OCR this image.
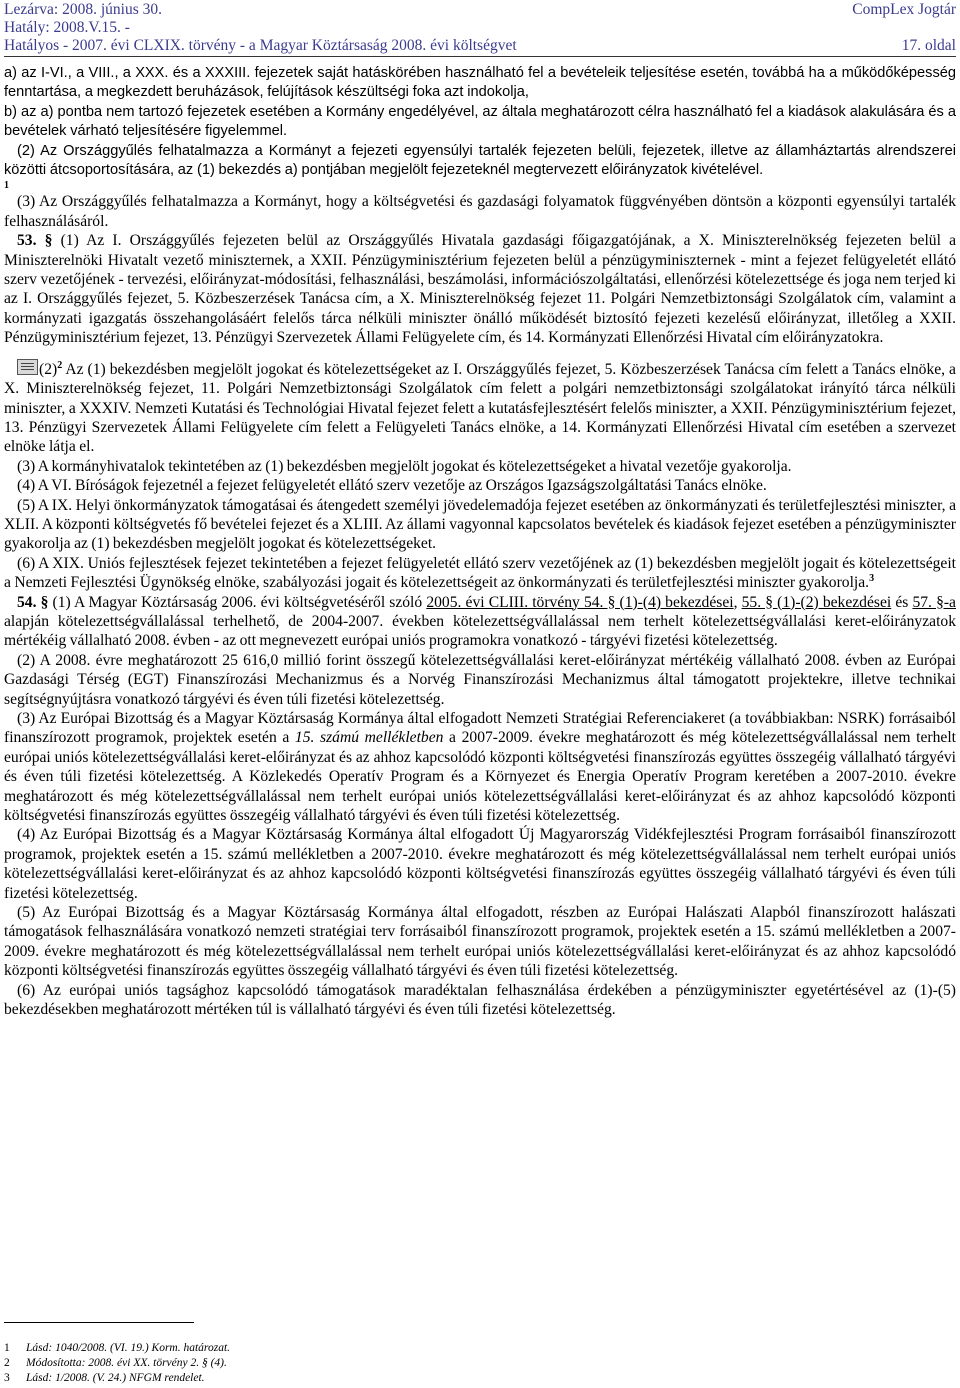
Lezárva: 2008. június 30.	CompLex Jogtár
Hatály: 2008.V.15. -
Hatályos - 2007. évi CLXIX. törvény - a Magyar Köztársaság 2008. évi költségvet	17. oldal

a) az I-VI., a VIII., a XXX. és a XXXIII. fejezetek saját hatáskörében használható fel a bevételeik teljesítése esetén, továbbá ha a működőképesség fenntartása, a megkezdett beruházások, felújítások készültségi foka azt indokolja,

b) az a) pontba nem tartozó fejezetek esetében a Kormány engedélyével, az általa meghatározott célra használható fel a kiadások alakulására és a bevételek várható teljesítésére figyelemmel.

(2) Az Országgyűlés felhatalmazza a Kormányt a fejezeti egyensúlyi tartalék fejezeten belüli, fejezetek, illetve az államháztartás alrendszerei közötti átcsoportosítására, az (1) bekezdés a) pontjában megjelölt fejezeteknél megtervezett előirányzatok kivételével.

1

(3) Az Országgyűlés felhatalmazza a Kormányt, hogy a költségvetési és gazdasági folyamatok függvényében döntsön a központi egyensúlyi tartalék felhasználásáról.

53. § (1) Az I. Országgyűlés fejezeten belül az Országgyűlés Hivatala gazdasági főigazgatójának, a X. Miniszterelnökség fejezeten belül a Miniszterelnöki Hivatalt vezető miniszternek, a XXII. Pénzügyminisztérium fejezeten belül a pénzügyminiszternek - mint a fejezet felügyeletét ellátó szerv vezetőjének - tervezési, előirányzat-módosítási, felhasználási, beszámolási, információszolgáltatási, ellenőrzési kötelezettsége és joga nem terjed ki az I. Országgyűlés fejezet, 5. Közbeszerzések Tanácsa cím, a X. Miniszterelnökség fejezet 11. Polgári Nemzetbiztonsági Szolgálatok cím, valamint a kormányzati igazgatás összehangolásáért felelős tárca nélküli miniszter önálló működését biztosító fejezeti kezelésű előirányzat, illetőleg a XXII. Pénzügyminisztérium fejezet, 13. Pénzügyi Szervezetek Állami Felügyelete cím, és 14. Kormányzati Ellenőrzési Hivatal cím előirányzatokra.

$(2)^2$ Az (1) bekezdésben megjelölt jogokat és kötelezettségeket az I. Országgyűlés fejezet, 5. Közbeszerzések Tanácsa cím felett a Tanács elnöke, a X. Miniszterelnökség fejezet, 11. Polgári Nemzetbiztonsági Szolgálatok cím felett a polgári nemzetbiztonsági szolgálatokat irányító tárca nélküli miniszter, a XXXIV. Nemzeti Kutatási és Technológiai Hivatal fejezet felett a kutatásfejlesztésért felelős miniszter, a XXII. Pénzügyminisztérium fejezet, 13. Pénzügyi Szervezetek Állami Felügyelete cím felett a Felügyeleti Tanács elnöke, a 14. Kormányzati Ellenőrzési Hivatal cím esetében a szervezet elnöke látja el.

(3) A kormányhivatalok tekintetében az (1) bekezdésben megjelölt jogokat és kötelezettségeket a hivatal vezetője gyakorolja.

(4) A VI. Bíróságok fejezetnél a fejezet felügyeletét ellátó szerv vezetője az Országos Igazságszolgáltatási Tanács elnöke.

(5) A IX. Helyi önkormányzatok támogatásai és átengedett személyi jövedelemadója fejezet esetében az önkormányzati és területfejlesztési miniszter, a XLII. A központi költségvetés fő bevételei fejezet és a XLIII. Az állami vagyonnal kapcsolatos bevételek és kiadások fejezet esetében a pénzügyminiszter gyakorolja az (1) bekezdésben megjelölt jogokat és kötelezettségeket.

(6) A XIX. Uniós fejlesztések fejezet tekintetében a fejezet felügyeletét ellátó szerv vezetőjének az (1) bekezdésben megjelölt jogait és kötelezettségeit a Nemzeti Fejlesztési Ügynökség elnöke, szabályozási jogait és kötelezettségeit az önkormányzati és területfejlesztési miniszter gyakorolja.$^3$

54. § (1) A Magyar Köztársaság 2006. évi költségvetéséről szóló 2005. évi CLIII. törvény 54. § (1)-(4) bekezdései, 55. § (1)-(2) bekezdései és 57. §-a alapján kötelezettségvállalással terhelhető, de 2004-2007. években kötelezettségvállalással nem terhelt kötelezettségvállalási keret-előirányzatok mértékéig vállalható 2008. évben - az ott megnevezett európai uniós programokra vonatkozó - tárgyévi fizetési kötelezettség.

(2) A 2008. évre meghatározott 25 616,0 millió forint összegű kötelezettségvállalási keret-előirányzat mértékéig vállalható 2008. évben az Európai Gazdasági Térség (EGT) Finanszírozási Mechanizmus és a Norvég Finanszírozási Mechanizmus által támogatott projektekre, illetve technikai segítségnyújtásra vonatkozó tárgyévi és éven túli fizetési kötelezettség.

(3) Az Európai Bizottság és a Magyar Köztársaság Kormánya által elfogadott Nemzeti Stratégiai Referenciakeret (a továbbiakban: NSRK) forrásaiból finanszírozott programok, projektek esetén a 15. számú mellékletben a 2007-2009. évekre meghatározott és még kötelezettségvállalással nem terhelt európai uniós kötelezettségvállalási keret-előirányzat és az ahhoz kapcsolódó központi költségvetési finanszírozás együttes összegéig vállalható tárgyévi és éven túli fizetési kötelezettség. A Közlekedés Operatív Program és a Környezet és Energia Operatív Program keretében a 2007-2010. évekre meghatározott és még kötelezettségvállalással nem terhelt európai uniós kötelezettségvállalási keret-előirányzat és az ahhoz kapcsolódó központi költségvetési finanszírozás együttes összegéig vállalható tárgyévi és éven túli fizetési kötelezettség.

(4) Az Európai Bizottság és a Magyar Köztársaság Kormánya által elfogadott Új Magyarország Vidékfejlesztési Program forrásaiból finanszírozott programok, projektek esetén a 15. számú mellékletben a 2007-2010. évekre meghatározott és még kötelezettségvállalással nem terhelt európai uniós kötelezettségvállalási keret-előirányzat és az ahhoz kapcsolódó központi költségvetési finanszírozás együttes összegéig vállalható tárgyévi és éven túli fizetési kötelezettség.

(5) Az Európai Bizottság és a Magyar Köztársaság Kormánya által elfogadott, részben az Európai Halászati Alapból finanszírozott halászati támogatások felhasználására vonatkozó nemzeti stratégiai terv forrásaiból finanszírozott programok, projektek esetén a 15. számú mellékletben a 2007-2009. évekre meghatározott és még kötelezettségvállalással nem terhelt európai uniós kötelezettségvállalási keret-előirányzat és az ahhoz kapcsolódó központi költségvetési finanszírozás együttes összegéig vállalható tárgyévi és éven túli fizetési kötelezettség.

(6) Az európai uniós tagsághoz kapcsolódó támogatások maradéktalan felhasználása érdekében a pénzügyminiszter egyetértésével az (1)-(5) bekezdésekben meghatározott mértéken túl is vállalható tárgyévi és éven túli fizetési kötelezettség.

1 Lásd: 1040/2008. (VI. 19.) Korm. határozat.
2 Módosította: 2008. évi XX. törvény 2. § (4).
3 Lásd: 1/2008. (V. 24.) NFGM rendelet.
